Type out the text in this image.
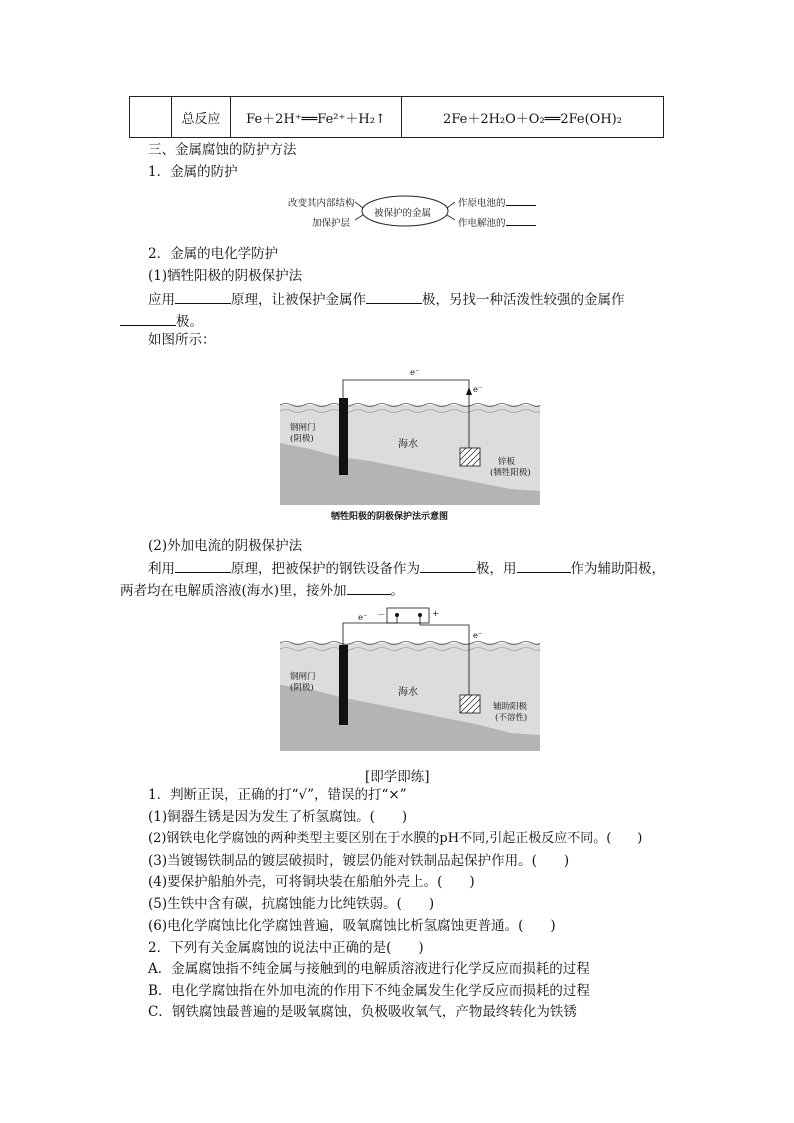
	总反应	Fe＋2H⁺══Fe²⁺＋H₂↑	2Fe＋2H₂O＋O₂══2Fe(OH)₂
三、金属腐蚀的防护方法
1．金属的防护
改变其内部结构
加保护层
被保护的金属
作原电池的
作电解池的
2．金属的电化学防护
(1)牺牲阳极的阴极保护法
应用	原理，让被保护金属作	极，另找一种活泼性较强的金属作
极。
如图所示：
e⁻
e⁻
钢闸门
(阴极)	海水
锌板
(牺牲阳极)
牺牲阳极的阴极保护法示意图
(2)外加电流的阴极保护法
利用	原理，把被保护的钢铁设备作为	极，用	作为辅助阳极，
两者均在电解质溶液(海水)里，接外加	。
e⁻ －	+
e⁻
钢闸门
(阴极)	海水
辅助阳极
(不溶性)
[即学即练]
1．判断正误，正确的打“√”，错误的打“×”
(1)铜器生锈是因为发生了析氢腐蚀。(　　)
(2)钢铁电化学腐蚀的两种类型主要区别在于水膜的pH不同,引起正极反应不同。(　　)
(3)当镀锡铁制品的镀层破损时，镀层仍能对铁制品起保护作用。(　　)
(4)要保护船舶外壳，可将铜块装在船舶外壳上。(　　)
(5)生铁中含有碳，抗腐蚀能力比纯铁弱。(　　)
(6)电化学腐蚀比化学腐蚀普遍，吸氧腐蚀比析氢腐蚀更普通。(　　)
2．下列有关金属腐蚀的说法中正确的是(　　)
A．金属腐蚀指不纯金属与接触到的电解质溶液进行化学反应而损耗的过程
B．电化学腐蚀指在外加电流的作用下不纯金属发生化学反应而损耗的过程
C．钢铁腐蚀最普遍的是吸氧腐蚀，负极吸收氧气，产物最终转化为铁锈
